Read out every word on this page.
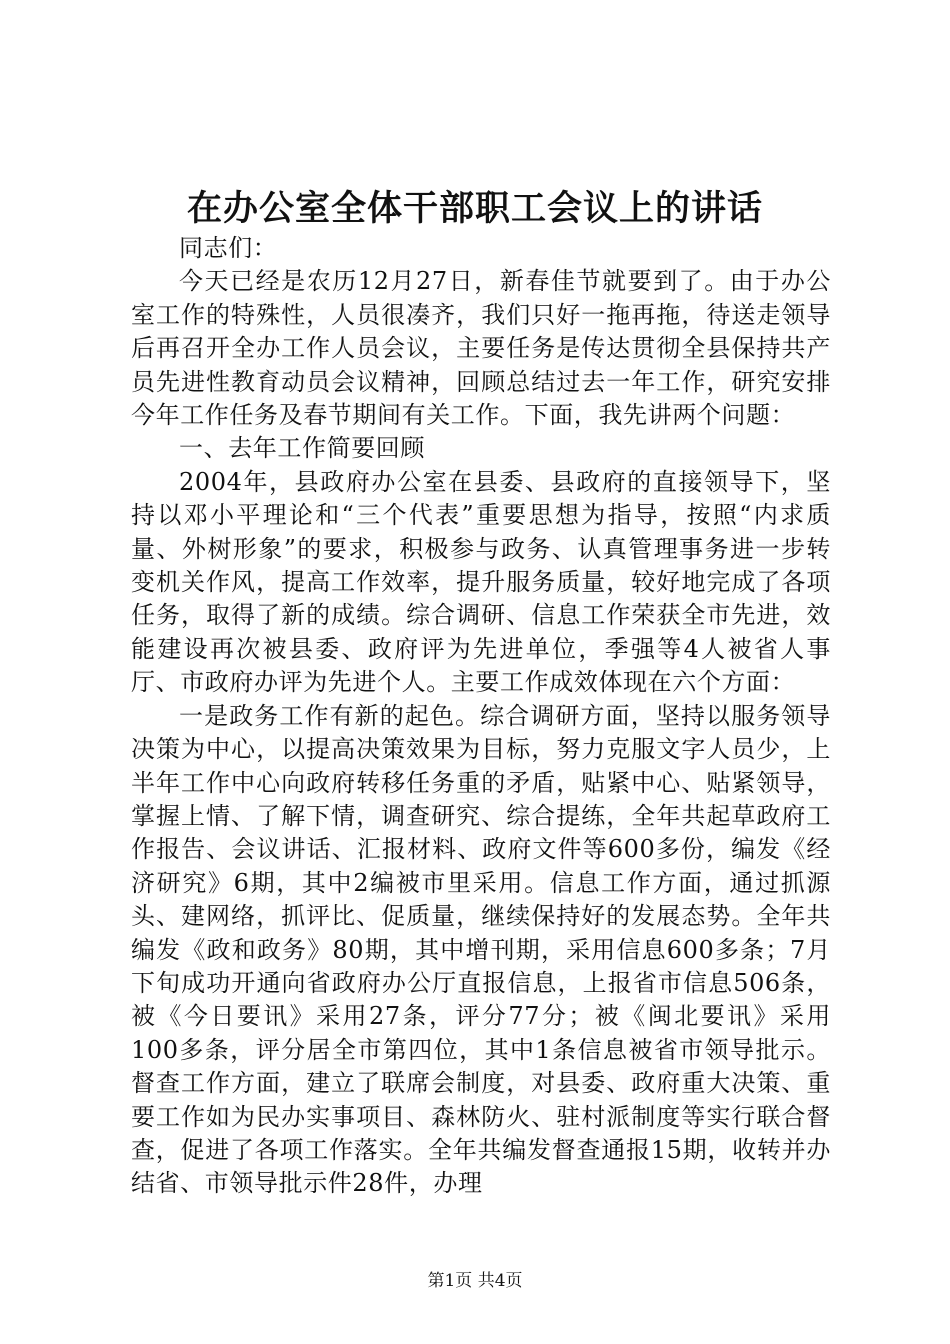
在办公室全体干部职工会议上的讲话

同志们：

今天已经是农历12月27日，新春佳节就要到了。由于办公室工作的特殊性，人员很凑齐，我们只好一拖再拖，待送走领导后再召开全办工作人员会议，主要任务是传达贯彻全县保持共产员先进性教育动员会议精神，回顾总结过去一年工作，研究安排今年工作任务及春节期间有关工作。下面，我先讲两个问题：

一、去年工作简要回顾

2004年，县政府办公室在县委、县政府的直接领导下，坚持以邓小平理论和“三个代表”重要思想为指导，按照“内求质量、外树形象”的要求，积极参与政务、认真管理事务进一步转变机关作风，提高工作效率，提升服务质量，较好地完成了各项任务，取得了新的成绩。综合调研、信息工作荣获全市先进，效能建设再次被县委、政府评为先进单位，季强等4人被省人事厅、市政府办评为先进个人。主要工作成效体现在六个方面：

一是政务工作有新的起色。综合调研方面，坚持以服务领导决策为中心，以提高决策效果为目标，努力克服文字人员少，上半年工作中心向政府转移任务重的矛盾，贴紧中心、贴紧领导，掌握上情、了解下情，调查研究、综合提练，全年共起草政府工作报告、会议讲话、汇报材料、政府文件等600多份，编发《经济研究》6期，其中2编被市里采用。信息工作方面，通过抓源头、建网络，抓评比、促质量，继续保持好的发展态势。全年共编发《政和政务》80期，其中增刊期，采用信息600多条；7月下旬成功开通向省政府办公厅直报信息，上报省市信息506条，被《今日要讯》采用27条，评分77分；被《闽北要讯》采用100多条，评分居全市第四位，其中1条信息被省市领导批示。督查工作方面，建立了联席会制度，对县委、政府重大决策、重要工作如为民办实事项目、森林防火、驻村派制度等实行联合督查，促进了各项工作落实。全年共编发督查通报15期，收转并办结省、市领导批示件28件，办理

第1页 共4页
